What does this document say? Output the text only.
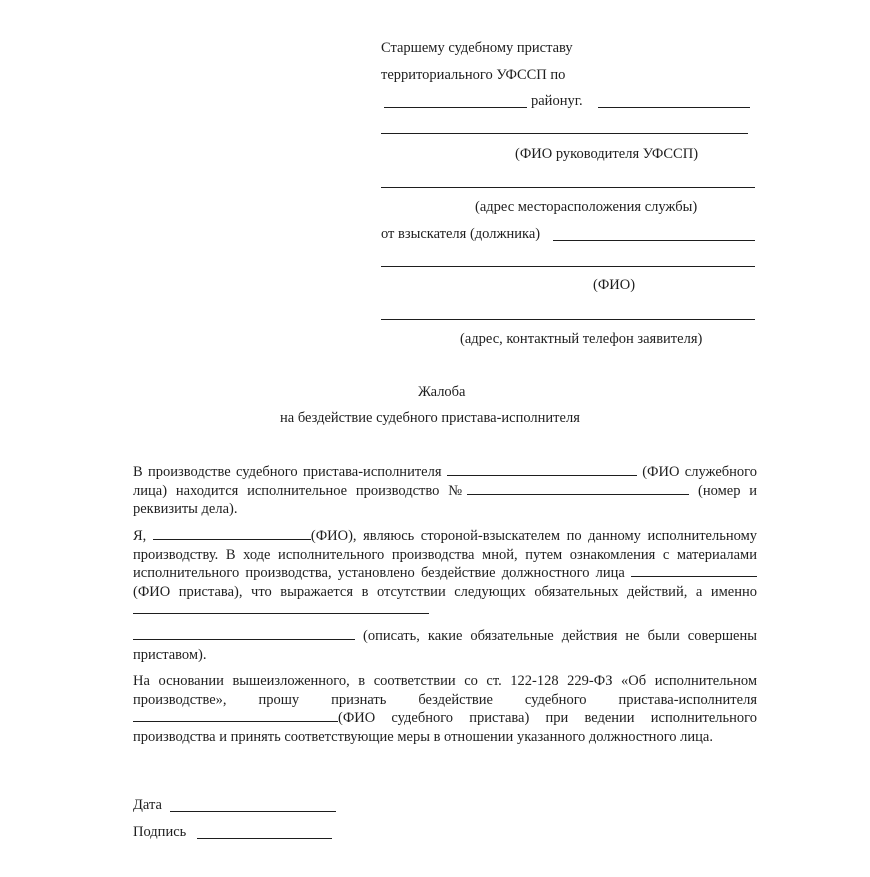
Старшему судебному приставу
территориального УФССП по
районуг.
(ФИО руководителя УФССП)
(адрес месторасположения службы)
от взыскателя (должника)
(ФИО)
(адрес, контактный телефон заявителя)
Жалоба
на бездействие судебного пристава-исполнителя
В производстве судебного пристава-исполнителя	(ФИО служебного лица) находится исполнительное производство №	(номер и реквизиты дела).
Я,	(ФИО), являюсь стороной-взыскателем по данному исполнительному производству. В ходе исполнительного производства мной, путем ознакомления с материалами исполнительного производства, установлено бездействие должностного лица (ФИО пристава), что выражается в отсутствии следующих обязательных действий, а именно
(описать, какие обязательные действия не были совершены приставом).
На основании вышеизложенного, в соответствии со ст. 122-128 229-ФЗ «Об исполнительном производстве», прошу признать бездействие судебного пристава-исполнителя (ФИО судебного пристава) при ведении исполнительного производства и принять соответствующие меры в отношении указанного должностного лица.
Дата
Подпись
